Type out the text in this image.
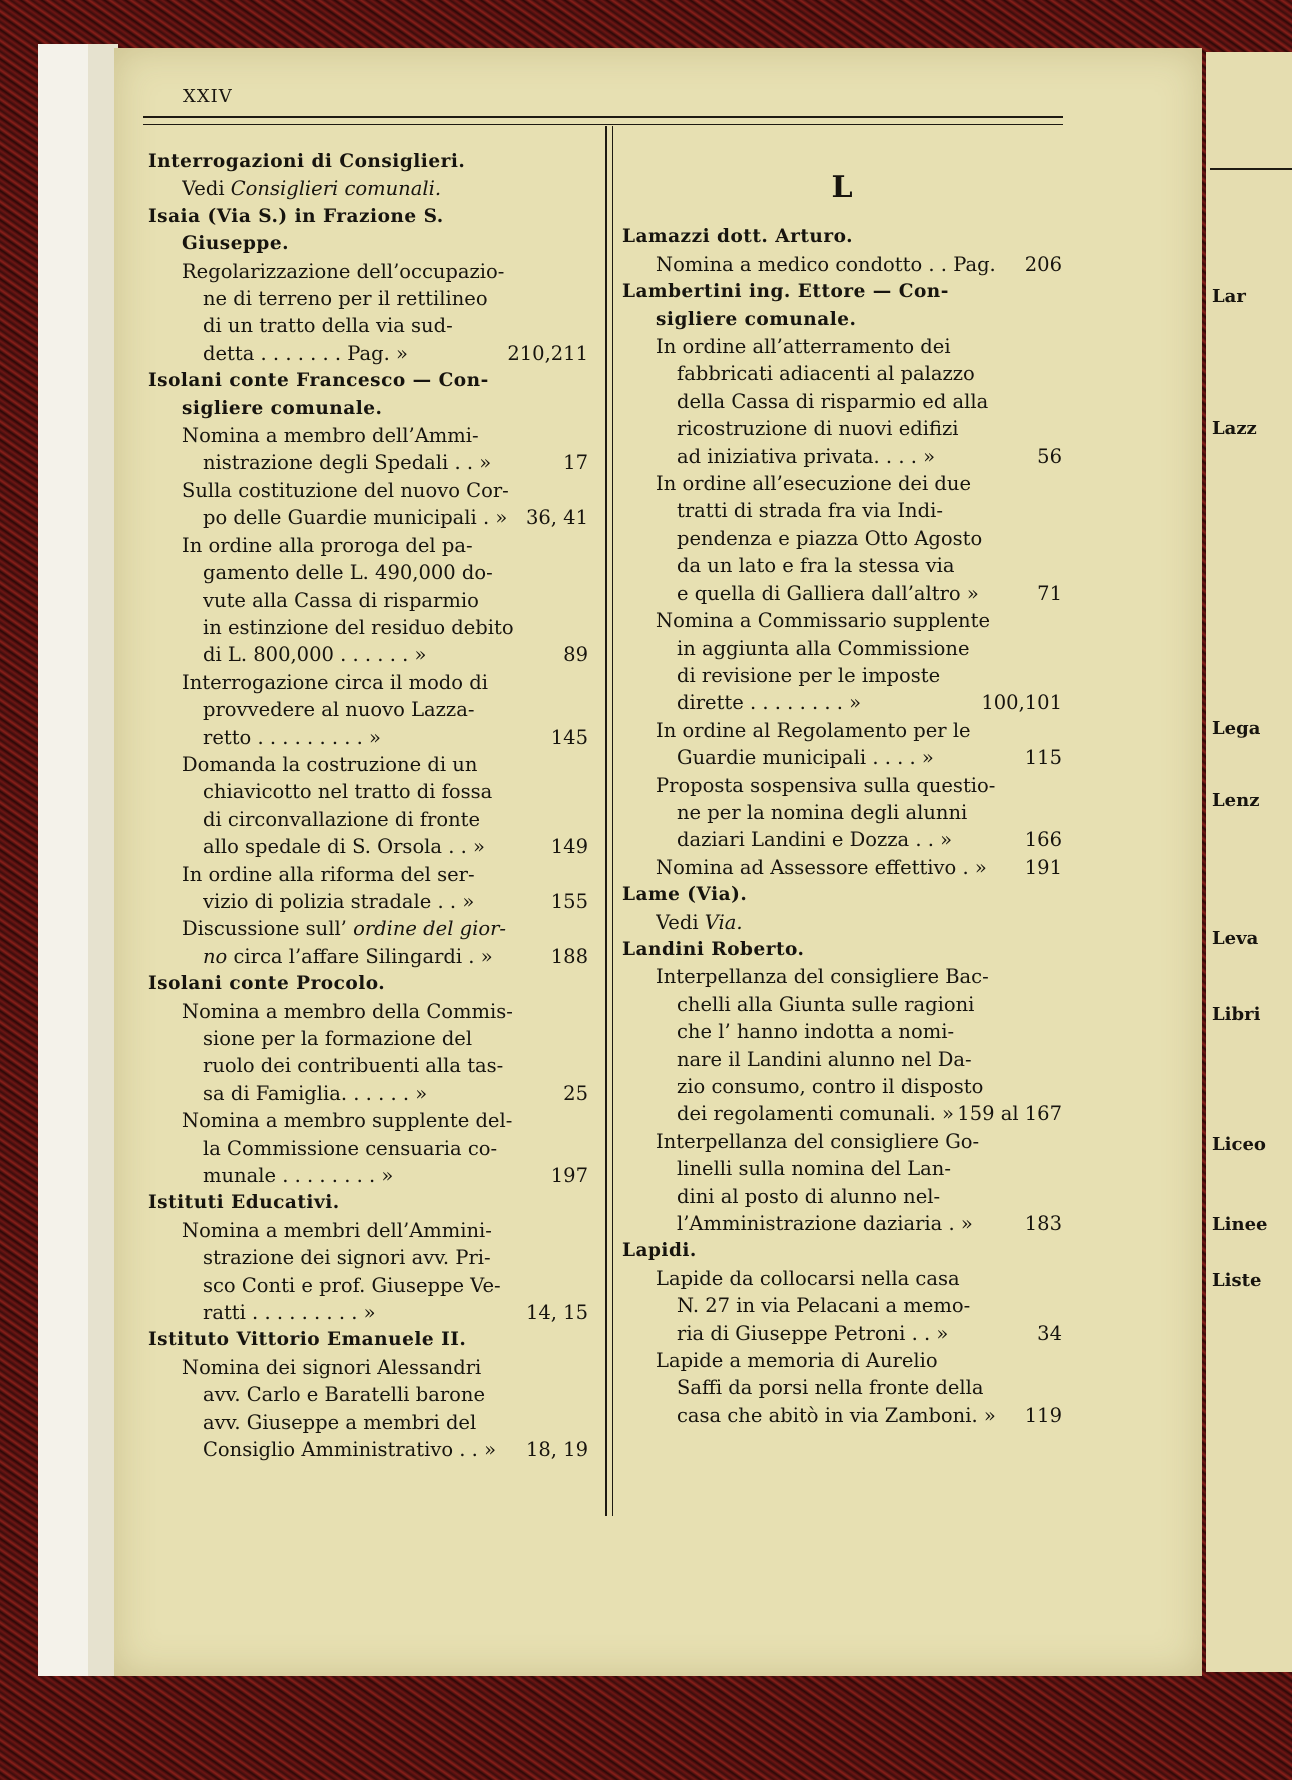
Lar
Lazz
Lega
Lenz
Leva
Libri
Liceo
Linee
Liste
XXIV
Interrogazioni di Consiglieri.
Vedi Consiglieri comunali.
Isaia (Via S.) in Frazione S.
Giuseppe.
Regolarizzazione dell’occupazio-
ne di terreno per il rettilineo
di un tratto della via sud-
detta . . . . . . . Pag. »	210,211
Isolani conte Francesco — Con-
sigliere comunale.
Nomina a membro dell’Ammi-
nistrazione degli Spedali . . »	17
Sulla costituzione del nuovo Cor-
po delle Guardie municipali . » 36, 41
In ordine alla proroga del pa-
gamento delle L. 490,000 do-
vute alla Cassa di risparmio
in estinzione del residuo debito
di L. 800,000 . . . . . . »	89
Interrogazione circa il modo di
provvedere al nuovo Lazza-
retto . . . . . . . . . »	145
Domanda la costruzione di un
chiavicotto nel tratto di fossa
di circonvallazione di fronte
allo spedale di S. Orsola . . »	149
In ordine alla riforma del ser-
vizio di polizia stradale . . »	155
Discussione sull’ ordine del gior-
no circa l’affare Silingardi . »	188
Isolani conte Procolo.
Nomina a membro della Commis-
sione per la formazione del
ruolo dei contribuenti alla tas-
sa di Famiglia. . . . . . »	25
Nomina a membro supplente del-
la Commissione censuaria co-
munale . . . . . . . . »	197
Istituti Educativi.
Nomina a membri dell’Ammini-
strazione dei signori avv. Pri-
sco Conti e prof. Giuseppe Ve-
ratti . . . . . . . . . »	14, 15
Istituto Vittorio Emanuele II.
Nomina dei signori Alessandri
avv. Carlo e Baratelli barone
avv. Giuseppe a membri del
Consiglio Amministrativo . . »	18, 19
L
Lamazzi dott. Arturo.
Nomina a medico condotto . . Pag.	206
Lambertini ing. Ettore — Con-
sigliere comunale.
In ordine all’atterramento dei
fabbricati adiacenti al palazzo
della Cassa di risparmio ed alla
ricostruzione di nuovi edifizi
ad iniziativa privata. . . . »	56
In ordine all’esecuzione dei due
tratti di strada fra via Indi-
pendenza e piazza Otto Agosto
da un lato e fra la stessa via
e quella di Galliera dall’altro »	71
Nomina a Commissario supplente
in aggiunta alla Commissione
di revisione per le imposte
dirette . . . . . . . . »	100,101
In ordine al Regolamento per le
Guardie municipali . . . . »	115
Proposta sospensiva sulla questio-
ne per la nomina degli alunni
daziari Landini e Dozza . . »	166
Nomina ad Assessore effettivo . »	191
Lame (Via).
Vedi Via.
Landini Roberto.
Interpellanza del consigliere Bac-
chelli alla Giunta sulle ragioni
che l’ hanno indotta a nomi-
nare il Landini alunno nel Da-
zio consumo, contro il disposto
dei regolamenti comunali. » 159 al 167
Interpellanza del consigliere Go-
linelli sulla nomina del Lan-
dini al posto di alunno nel-
l’Amministrazione daziaria . »	183
Lapidi.
Lapide da collocarsi nella casa
N. 27 in via Pelacani a memo-
ria di Giuseppe Petroni . . »	34
Lapide a memoria di Aurelio
Saffi da porsi nella fronte della
casa che abitò in via Zamboni. »	119
